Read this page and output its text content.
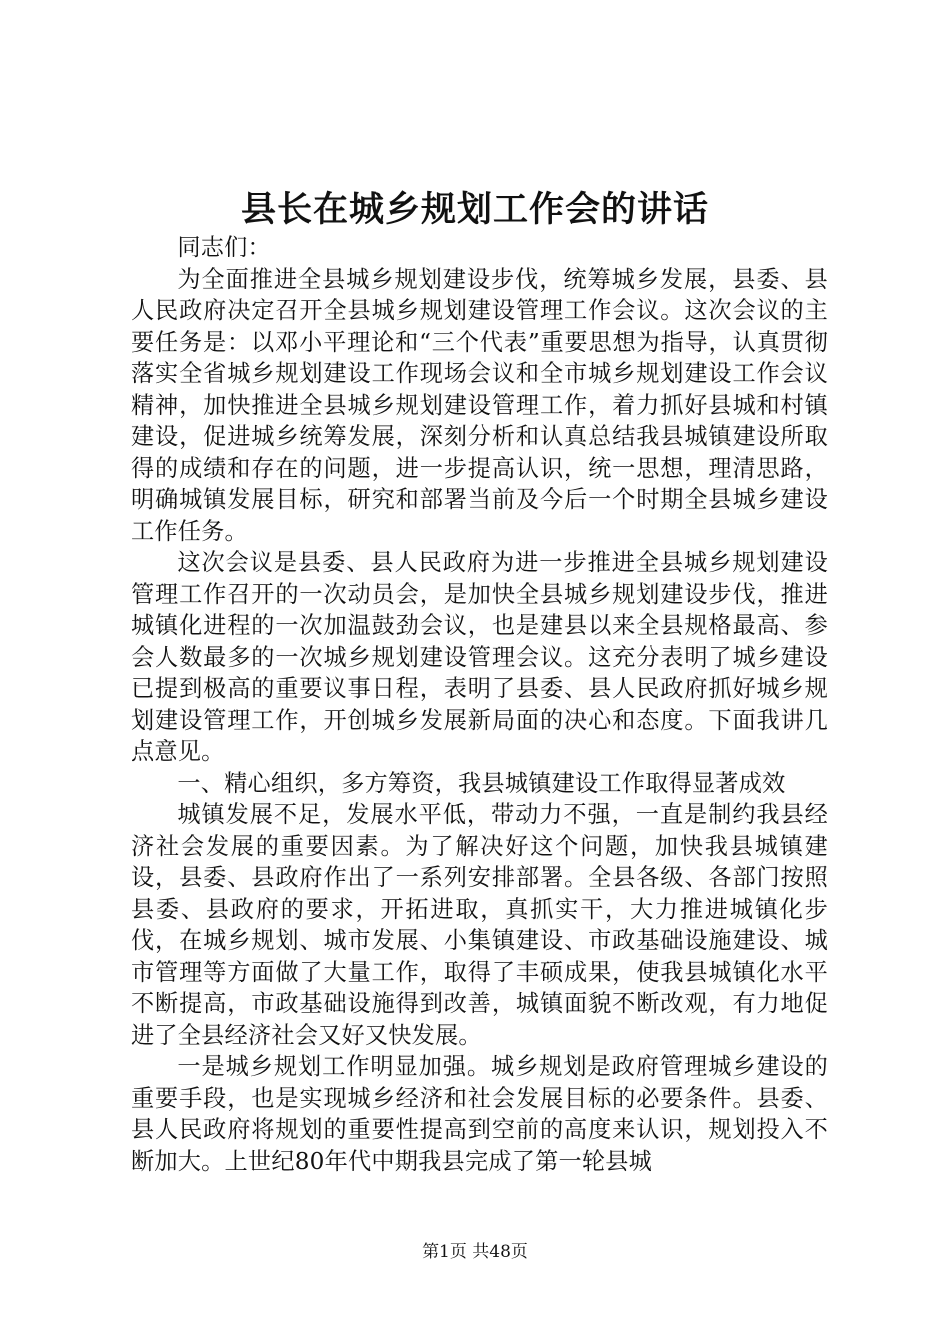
县长在城乡规划工作会的讲话

同志们：

为全面推进全县城乡规划建设步伐，统筹城乡发展，县委、县人民政府决定召开全县城乡规划建设管理工作会议。这次会议的主要任务是：以邓小平理论和“三个代表”重要思想为指导，认真贯彻落实全省城乡规划建设工作现场会议和全市城乡规划建设工作会议精神，加快推进全县城乡规划建设管理工作，着力抓好县城和村镇建设，促进城乡统筹发展，深刻分析和认真总结我县城镇建设所取得的成绩和存在的问题，进一步提高认识，统一思想，理清思路，明确城镇发展目标，研究和部署当前及今后一个时期全县城乡建设工作任务。

这次会议是县委、县人民政府为进一步推进全县城乡规划建设管理工作召开的一次动员会，是加快全县城乡规划建设步伐，推进城镇化进程的一次加温鼓劲会议，也是建县以来全县规格最高、参会人数最多的一次城乡规划建设管理会议。这充分表明了城乡建设已提到极高的重要议事日程，表明了县委、县人民政府抓好城乡规划建设管理工作，开创城乡发展新局面的决心和态度。下面我讲几点意见。

一、精心组织，多方筹资，我县城镇建设工作取得显著成效

城镇发展不足，发展水平低，带动力不强，一直是制约我县经济社会发展的重要因素。为了解决好这个问题，加快我县城镇建设，县委、县政府作出了一系列安排部署。全县各级、各部门按照县委、县政府的要求，开拓进取，真抓实干，大力推进城镇化步伐，在城乡规划、城市发展、小集镇建设、市政基础设施建设、城市管理等方面做了大量工作，取得了丰硕成果，使我县城镇化水平不断提高，市政基础设施得到改善，城镇面貌不断改观，有力地促进了全县经济社会又好又快发展。

一是城乡规划工作明显加强。城乡规划是政府管理城乡建设的重要手段，也是实现城乡经济和社会发展目标的必要条件。县委、县人民政府将规划的重要性提高到空前的高度来认识，规划投入不断加大。上世纪80年代中期我县完成了第一轮县城

第1页 共48页
